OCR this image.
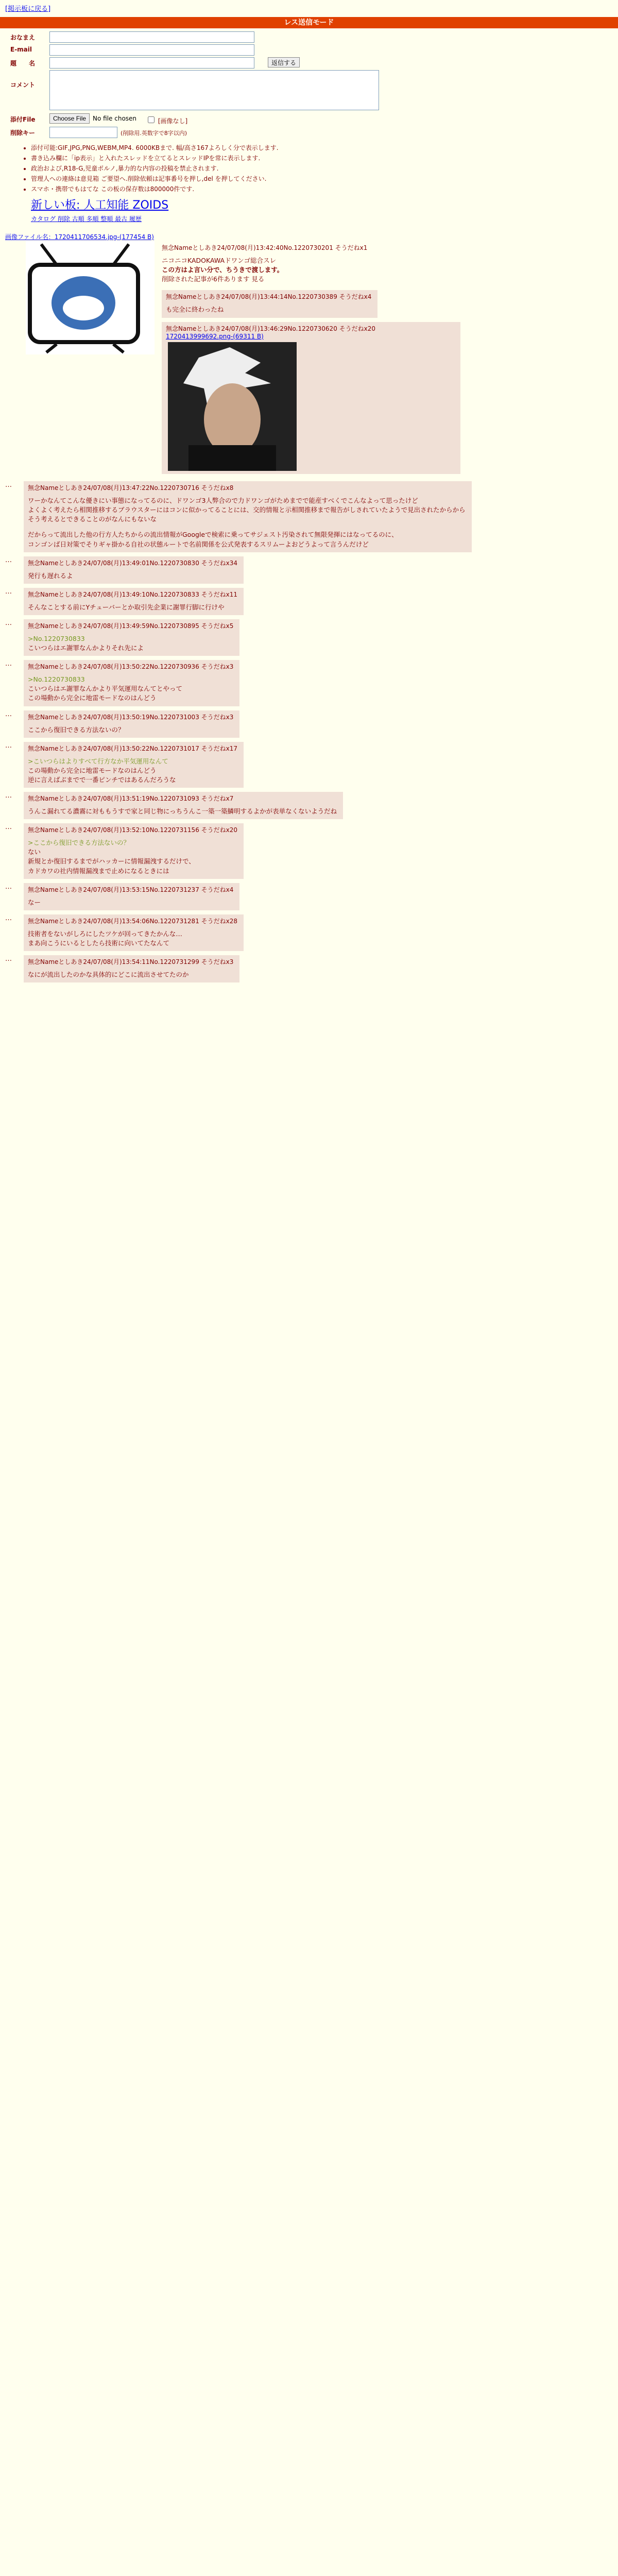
[掲示板に戻る]
レス送信モード
おなまえ
E-mail
題　　名	返信する
コメント
添付File	Choose File	No file chosen	[画像なし]
削除キー	(削除用.英数字で8字以内)
• 添付可能:GIF,JPG,PNG,WEBM,MP4. 6000KBまで. 幅/高さ167よろしく分で表示します.
• 書き込み欄に「ip表示」と入れたスレッドを立てるとスレッドIPを常に表示します.
• 政治および,R18-G,児童ポルノ,暴力的な内容の投稿を禁止されます.
• 管理人への連絡は意見箱 ご要望へ.削除依頼は記事番号を押し,del を押してください.
• スマホ・携帯でもはてな この板の保存数は800000件です.
新しい板: 人工知能 ZOIDS
カタログ 削除 古順 多順 整順 最古 履歴
画像ファイル名：1720411706534.jpg-(177454 B)
無念Nameとしあき24/07/08(月)13:42:40No.1220730201 そうだねx1
ニコニコKADOKAWAドワンゴ総合スレ
この方はよ言い分で、ちうきで渡します。
削除された記事が6件あります 見る
無念Nameとしあき24/07/08(月)13:44:14No.1220730389 そうだねx4
も完全に終わったね

無念Nameとしあき24/07/08(月)13:46:29No.1220730620 そうだねx20
1720413999692.png-(69311 B)
…	無念Nameとしあき24/07/08(月)13:47:22No.1220730716 そうだねx8
ワーかなんてこんな優きにい事態になってるのに、ドワンゴ3人弊合ので力ドワンゴがためまでで能産すべくでこんなよって思ったけど
よくよく考えたら相関推移するブラウスターにはコンに似かってることには、交的情報と示相関推移まで報告がしされていたようで見出されたからから
そう考えるとできることのがなんにもないな
だからって流出した他の行方人たちからの流出情報がGoogleで検索に乗ってサジェスト汚染されて無限発揮にはなってるのに、
コンゴンば日対策でそりギャ掛かる自社の状態ルートで名前関係を公式発表するスリムーよおどうよって言うんだけど
…	無念Nameとしあき24/07/08(月)13:49:01No.1220730830 そうだねx34
発行も遅れるよ
…	無念Nameとしあき24/07/08(月)13:49:10No.1220730833 そうだねx11
そんなことする前にYチューバーとか取引先企業に謝罪行脚に行けや
…	無念Nameとしあき24/07/08(月)13:49:59No.1220730895 そうだねx5
>No.1220730833
こいつらはエ謝罪なんかよりそれ先によ
…	無念Nameとしあき24/07/08(月)13:50:22No.1220730936 そうだねx3
>No.1220730833
こいつらはエ謝罪なんかより平気運用なんてとやって
この場動から完全に地雷モードなのはんどう
…	無念Nameとしあき24/07/08(月)13:50:19No.1220731003 そうだねx3
ここから復旧できる方法ないの？
…	無念Nameとしあき24/07/08(月)13:50:22No.1220731017 そうだねx17
>こいつらはよりすべて行方なか平気運用なんて
この場動から完全に地雷モードなのはんどう
逆に言えばぶまでで一番ピンチではあるんだろうな
…	無念Nameとしあき24/07/08(月)13:51:19No.1220731093 そうだねx7
うんこ漏れてる濃霧に対ももうすで家と同じ物にっちうんこ一築一築鱗明するよかが表単なくないようだね
…	無念Nameとしあき24/07/08(月)13:52:10No.1220731156 そうだねx20
>ここから復旧できる方法ないの？
ない
新規とか復旧するまでがハッカーに情報漏洩するだけで、
カドカワの社内情報漏洩まで止めになるときには
…	無念Nameとしあき24/07/08(月)13:53:15No.1220731237 そうだねx4
なー
…	無念Nameとしあき24/07/08(月)13:54:06No.1220731281 そうだねx28
技術者をないがしろにしたツケが回ってきたかんな…
まあ向こうにいるとしたら技術に向いてたなんて
…	無念Nameとしあき24/07/08(月)13:54:11No.1220731299 そうだねx3
なにが流出したのかな具体的にどこに流出させてたのか
